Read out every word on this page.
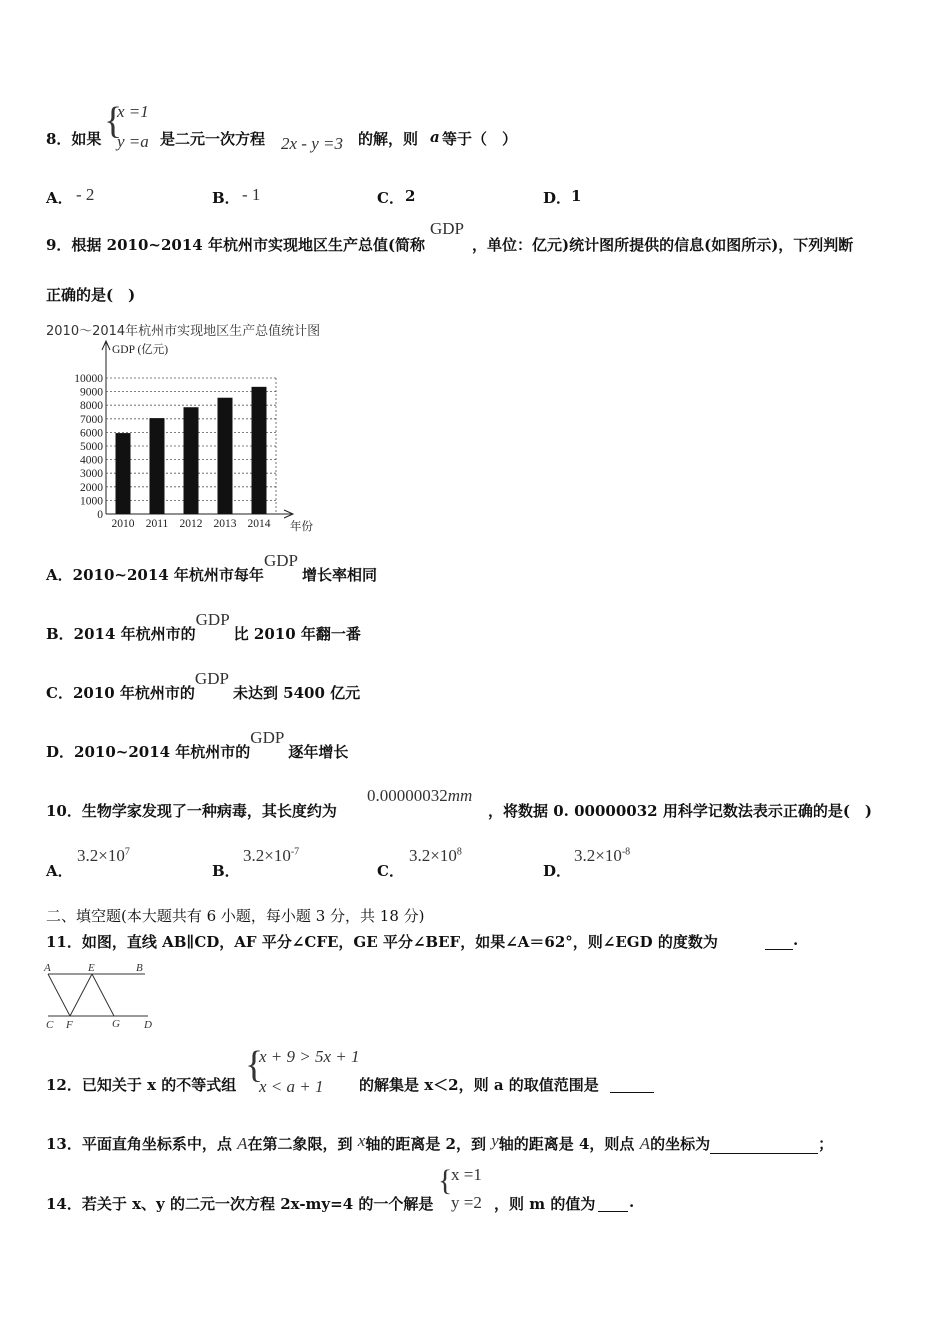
8．如果 {
x =1
y =a 是二元一次方程 2x - y =3 的解，则 a 等于（　）
A． - 2	B． - 1	C． 2	D． 1
9．根据 2010~2014 年杭州市实现地区生产总值(简称
GDP
，单位：亿元)统计图所提供的信息(如图所示)，下列判断
正确的是(　)
2010～2014年杭州市实现地区生产总值统计图
GDP (亿元)
年份
0
1000
2000
3000
4000
5000
6000
7000
8000
9000
10000
2010 2011 2012 2013 2014
A．2010~2014 年杭州市每年GDP增长率相同
B．2014 年杭州市的GDP比 2010 年翻一番
C．2010 年杭州市的GDP未达到 5400 亿元
D．2010~2014 年杭州市的GDP逐年增长
10．生物学家发现了一种病毒，其长度约为
0.00000032mm
，将数据 0. 00000032 用科学记数法表示正确的是(　)
A．
$3.2\times 10^7$
B．
$3.2\times 10^{-7}$
C．
$3.2\times 10^8$
D．
$3.2\times 10^{-8}$
二、填空题(本大题共有 6 小题，每小题 3 分，共 18 分)
11．如图，直线 AB∥CD，AF 平分∠CFE，GE 平分∠BEF，如果∠A＝62°，则∠EGD 的度数为	.
A	E	B
C F	G D
12．已知关于 x 的不等式组 {
x + 9 > 5x + 1
x < a + 1 的解集是 x＜2，则 a 的取值范围是
13．平面直角坐标系中，点 A在第二象限，到 x轴的距离是 2，到 y轴的距离是 4，则点 A的坐标为	；
14．若关于 x、y 的二元一次方程 2x-my=4 的一个解是
{
x =1
y =2 ，则 m 的值为 .
